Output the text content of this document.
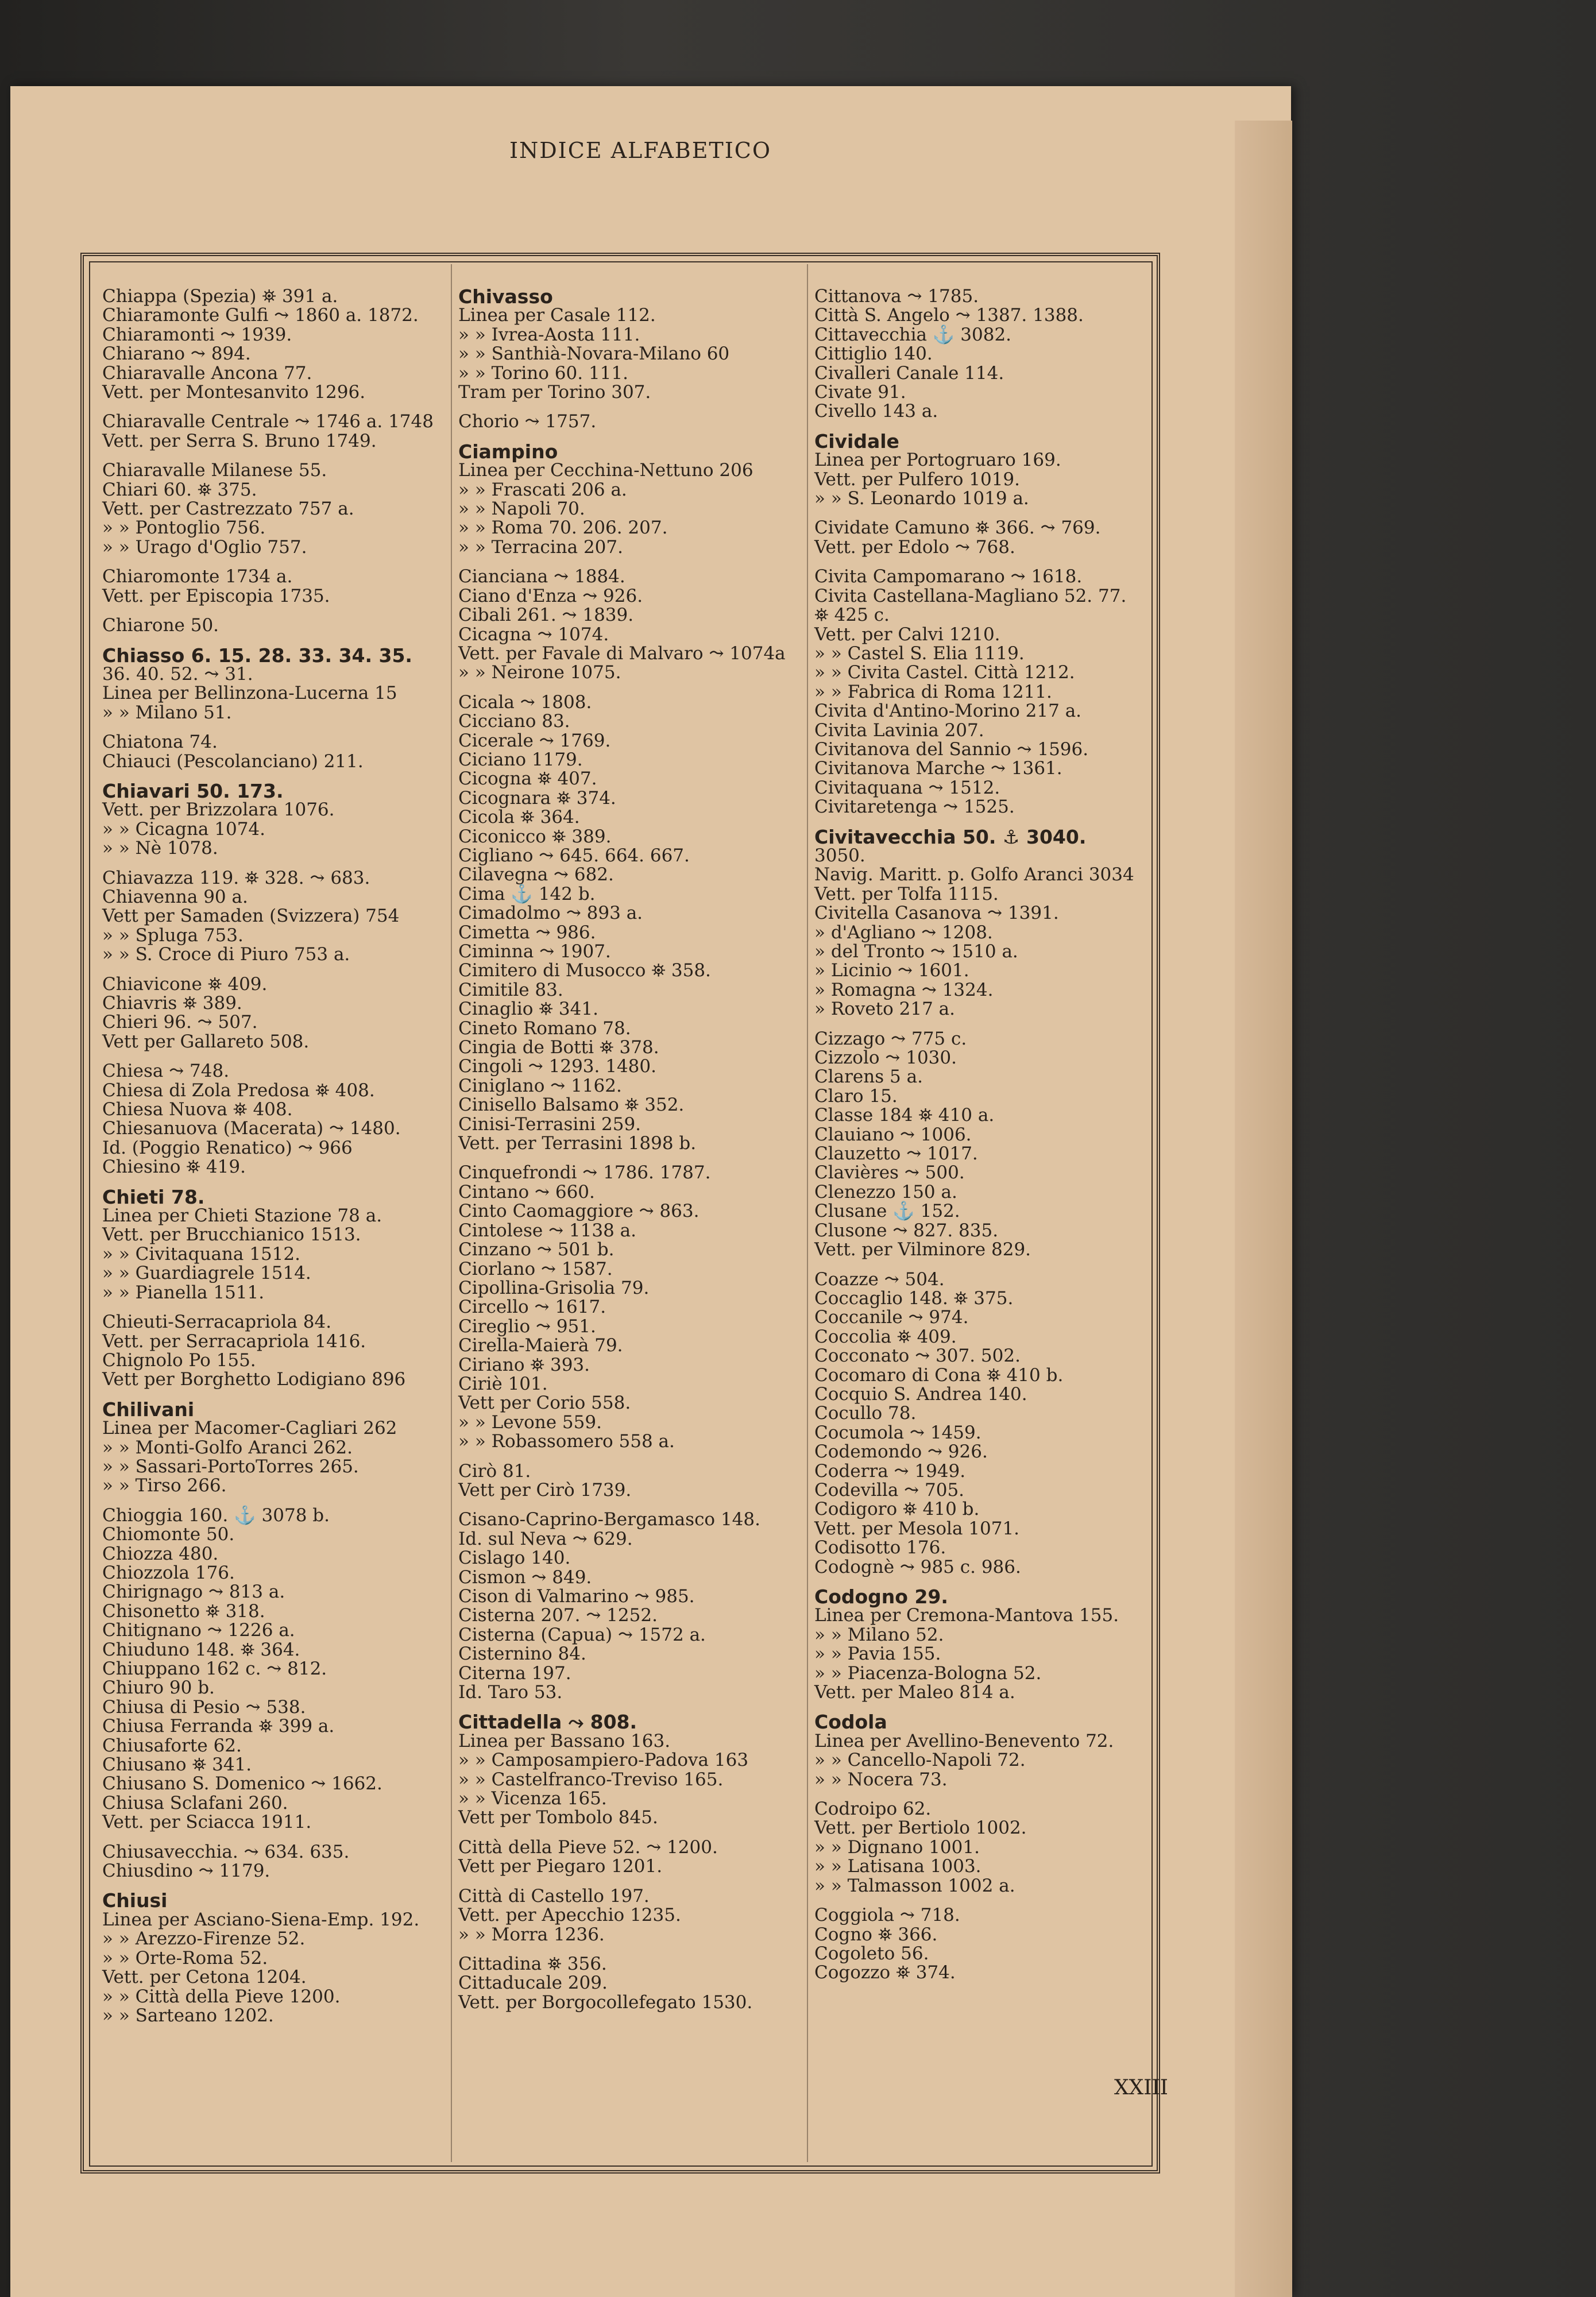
INDICE ALFABETICO
Chiappa (Spezia) ⛯ 391 a.
Chiaramonte Gulfi ⤳ 1860 a. 1872.
Chiaramonti ⤳ 1939.
Chiarano ⤳ 894.
Chiaravalle Ancona 77.
Vett. per Montesanvito 1296.
Chiaravalle Centrale ⤳ 1746 a. 1748
Vett. per Serra S. Bruno 1749.
Chiaravalle Milanese 55.
Chiari 60. ⛯ 375.
Vett. per Castrezzato 757 a.
» » Pontoglio 756.
» » Urago d'Oglio 757.
Chiaromonte 1734 a.
Vett. per Episcopia 1735.
Chiarone 50.
Chiasso 6. 15. 28. 33. 34. 35.
36. 40. 52. ⤳ 31.
Linea per Bellinzona-Lucerna 15
» » Milano 51.
Chiatona 74.
Chiauci (Pescolanciano) 211.
Chiavari 50. 173.
Vett. per Brizzolara 1076.
» » Cicagna 1074.
» » Nè 1078.
Chiavazza 119. ⛯ 328. ⤳ 683.
Chiavenna 90 a.
Vett per Samaden (Svizzera) 754
» » Spluga 753.
» » S. Croce di Piuro 753 a.
Chiavicone ⛯ 409.
Chiavris ⛯ 389.
Chieri 96. ⤳ 507.
Vett per Gallareto 508.
Chiesa ⤳ 748.
Chiesa di Zola Predosa ⛯ 408.
Chiesa Nuova ⛯ 408.
Chiesanuova (Macerata) ⤳ 1480.
Id. (Poggio Renatico) ⤳ 966
Chiesino ⛯ 419.
Chieti 78.
Linea per Chieti Stazione 78 a.
Vett. per Brucchianico 1513.
» » Civitaquana 1512.
» » Guardiagrele 1514.
» » Pianella 1511.
Chieuti-Serracapriola 84.
Vett. per Serracapriola 1416.
Chignolo Po 155.
Vett per Borghetto Lodigiano 896
Chilivani
Linea per Macomer-Cagliari 262
» » Monti-Golfo Aranci 262.
» » Sassari-PortoTorres 265.
» » Tirso 266.
Chioggia 160. ⚓ 3078 b.
Chiomonte 50.
Chiozza 480.
Chiozzola 176.
Chirignago ⤳ 813 a.
Chisonetto ⛯ 318.
Chitignano ⤳ 1226 a.
Chiuduno 148. ⛯ 364.
Chiuppano 162 c. ⤳ 812.
Chiuro 90 b.
Chiusa di Pesio ⤳ 538.
Chiusa Ferranda ⛯ 399 a.
Chiusaforte 62.
Chiusano ⛯ 341.
Chiusano S. Domenico ⤳ 1662.
Chiusa Sclafani 260.
Vett. per Sciacca 1911.
Chiusavecchia. ⤳ 634. 635.
Chiusdino ⤳ 1179.
Chiusi
Linea per Asciano-Siena-Emp. 192.
» » Arezzo-Firenze 52.
» » Orte-Roma 52.
Vett. per Cetona 1204.
» » Città della Pieve 1200.
» » Sarteano 1202.
Chivasso
Linea per Casale 112.
» » Ivrea-Aosta 111.
» » Santhià-Novara-Milano 60
» » Torino 60. 111.
Tram per Torino 307.
Chorio ⤳ 1757.
Ciampino
Linea per Cecchina-Nettuno 206
» » Frascati 206 a.
» » Napoli 70.
» » Roma 70. 206. 207.
» » Terracina 207.
Cianciana ⤳ 1884.
Ciano d'Enza ⤳ 926.
Cibali 261. ⤳ 1839.
Cicagna ⤳ 1074.
Vett. per Favale di Malvaro ⤳ 1074a
» » Neirone 1075.
Cicala ⤳ 1808.
Cicciano 83.
Cicerale ⤳ 1769.
Ciciano 1179.
Cicogna ⛯ 407.
Cicognara ⛯ 374.
Cicola ⛯ 364.
Ciconicco ⛯ 389.
Cigliano ⤳ 645. 664. 667.
Cilavegna ⤳ 682.
Cima ⚓ 142 b.
Cimadolmo ⤳ 893 a.
Cimetta ⤳ 986.
Ciminna ⤳ 1907.
Cimitero di Musocco ⛯ 358.
Cimitile 83.
Cinaglio ⛯ 341.
Cineto Romano 78.
Cingia de Botti ⛯ 378.
Cingoli ⤳ 1293. 1480.
Ciniglano ⤳ 1162.
Cinisello Balsamo ⛯ 352.
Cinisi-Terrasini 259.
Vett. per Terrasini 1898 b.
Cinquefrondi ⤳ 1786. 1787.
Cintano ⤳ 660.
Cinto Caomaggiore ⤳ 863.
Cintolese ⤳ 1138 a.
Cinzano ⤳ 501 b.
Ciorlano ⤳ 1587.
Cipollina-Grisolia 79.
Circello ⤳ 1617.
Cireglio ⤳ 951.
Cirella-Maierà 79.
Ciriano ⛯ 393.
Ciriè 101.
Vett per Corio 558.
» » Levone 559.
» » Robassomero 558 a.
Cirò 81.
Vett per Cirò 1739.
Cisano-Caprino-Bergamasco 148.
Id. sul Neva ⤳ 629.
Cislago 140.
Cismon ⤳ 849.
Cison di Valmarino ⤳ 985.
Cisterna 207. ⤳ 1252.
Cisterna (Capua) ⤳ 1572 a.
Cisternino 84.
Citerna 197.
Id. Taro 53.
Cittadella ⤳ 808.
Linea per Bassano 163.
» » Camposampiero-Padova 163
» » Castelfranco-Treviso 165.
» » Vicenza 165.
Vett per Tombolo 845.
Città della Pieve 52. ⤳ 1200.
Vett per Piegaro 1201.
Città di Castello 197.
Vett. per Apecchio 1235.
» » Morra 1236.
Cittadina ⛯ 356.
Cittaducale 209.
Vett. per Borgocollefegato 1530.
Cittanova ⤳ 1785.
Città S. Angelo ⤳ 1387. 1388.
Cittavecchia ⚓ 3082.
Cittiglio 140.
Civalleri Canale 114.
Civate 91.
Civello 143 a.
Cividale
Linea per Portogruaro 169.
Vett. per Pulfero 1019.
» » S. Leonardo 1019 a.
Cividate Camuno ⛯ 366. ⤳ 769.
Vett. per Edolo ⤳ 768.
Civita Campomarano ⤳ 1618.
Civita Castellana-Magliano 52. 77.
⛯ 425 c.
Vett. per Calvi 1210.
» » Castel S. Elia 1119.
» » Civita Castel. Città 1212.
» » Fabrica di Roma 1211.
Civita d'Antino-Morino 217 a.
Civita Lavinia 207.
Civitanova del Sannio ⤳ 1596.
Civitanova Marche ⤳ 1361.
Civitaquana ⤳ 1512.
Civitaretenga ⤳ 1525.
Civitavecchia 50. ⚓ 3040.
3050.
Navig. Maritt. p. Golfo Aranci 3034
Vett. per Tolfa 1115.
Civitella Casanova ⤳ 1391.
» d'Agliano ⤳ 1208.
» del Tronto ⤳ 1510 a.
» Licinio ⤳ 1601.
» Romagna ⤳ 1324.
» Roveto 217 a.
Cizzago ⤳ 775 c.
Cizzolo ⤳ 1030.
Clarens 5 a.
Claro 15.
Classe 184 ⛯ 410 a.
Clauiano ⤳ 1006.
Clauzetto ⤳ 1017.
Clavières ⤳ 500.
Clenezzo 150 a.
Clusane ⚓ 152.
Clusone ⤳ 827. 835.
Vett. per Vilminore 829.
Coazze ⤳ 504.
Coccaglio 148. ⛯ 375.
Coccanile ⤳ 974.
Coccolia ⛯ 409.
Cocconato ⤳ 307. 502.
Cocomaro di Cona ⛯ 410 b.
Cocquio S. Andrea 140.
Cocullo 78.
Cocumola ⤳ 1459.
Codemondo ⤳ 926.
Coderra ⤳ 1949.
Codevilla ⤳ 705.
Codigoro ⛯ 410 b.
Vett. per Mesola 1071.
Codisotto 176.
Codognè ⤳ 985 c. 986.
Codogno 29.
Linea per Cremona-Mantova 155.
» » Milano 52.
» » Pavia 155.
» » Piacenza-Bologna 52.
Vett. per Maleo 814 a.
Codola
Linea per Avellino-Benevento 72.
» » Cancello-Napoli 72.
» » Nocera 73.
Codroipo 62.
Vett. per Bertiolo 1002.
» » Dignano 1001.
» » Latisana 1003.
» » Talmasson 1002 a.
Coggiola ⤳ 718.
Cogno ⛯ 366.
Cogoleto 56.
Cogozzo ⛯ 374.
XXIII
